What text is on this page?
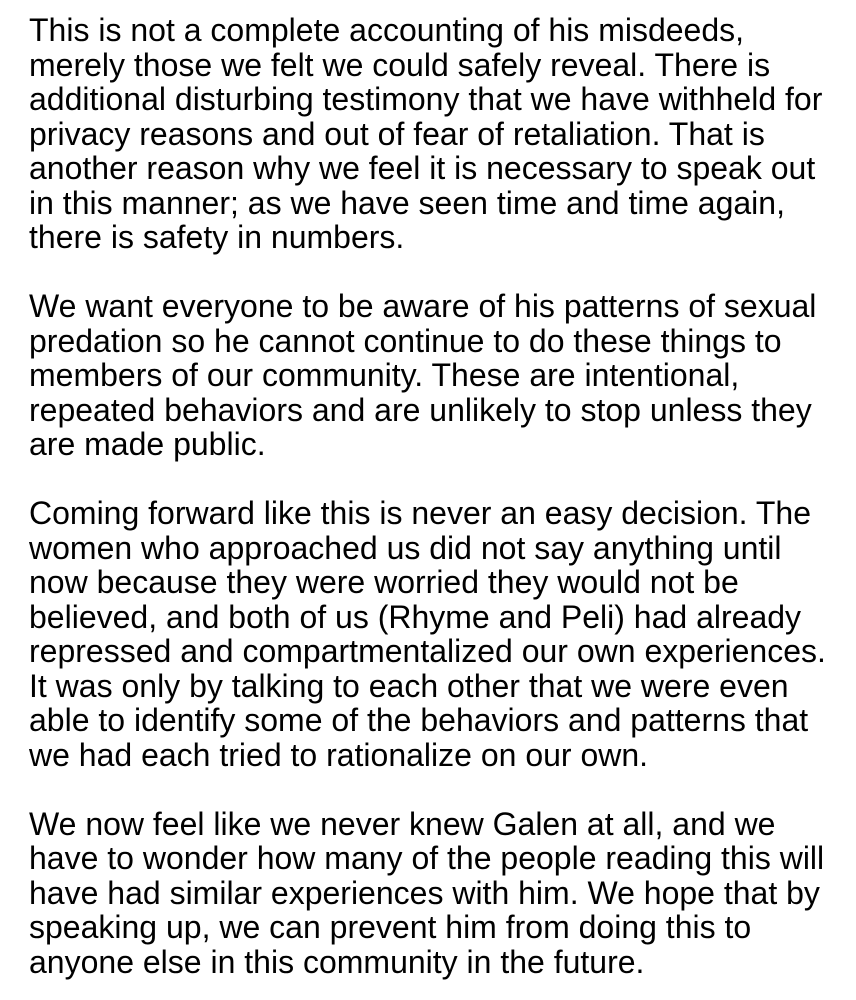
This is not a complete accounting of his misdeeds,
merely those we felt we could safely reveal. There is
additional disturbing testimony that we have withheld for
privacy reasons and out of fear of retaliation. That is
another reason why we feel it is necessary to speak out
in this manner; as we have seen time and time again,
there is safety in numbers.

We want everyone to be aware of his patterns of sexual
predation so he cannot continue to do these things to
members of our community. These are intentional,
repeated behaviors and are unlikely to stop unless they
are made public.

Coming forward like this is never an easy decision. The
women who approached us did not say anything until
now because they were worried they would not be
believed, and both of us (Rhyme and Peli) had already
repressed and compartmentalized our own experiences.
It was only by talking to each other that we were even
able to identify some of the behaviors and patterns that
we had each tried to rationalize on our own.

We now feel like we never knew Galen at all, and we
have to wonder how many of the people reading this will
have had similar experiences with him. We hope that by
speaking up, we can prevent him from doing this to
anyone else in this community in the future.
